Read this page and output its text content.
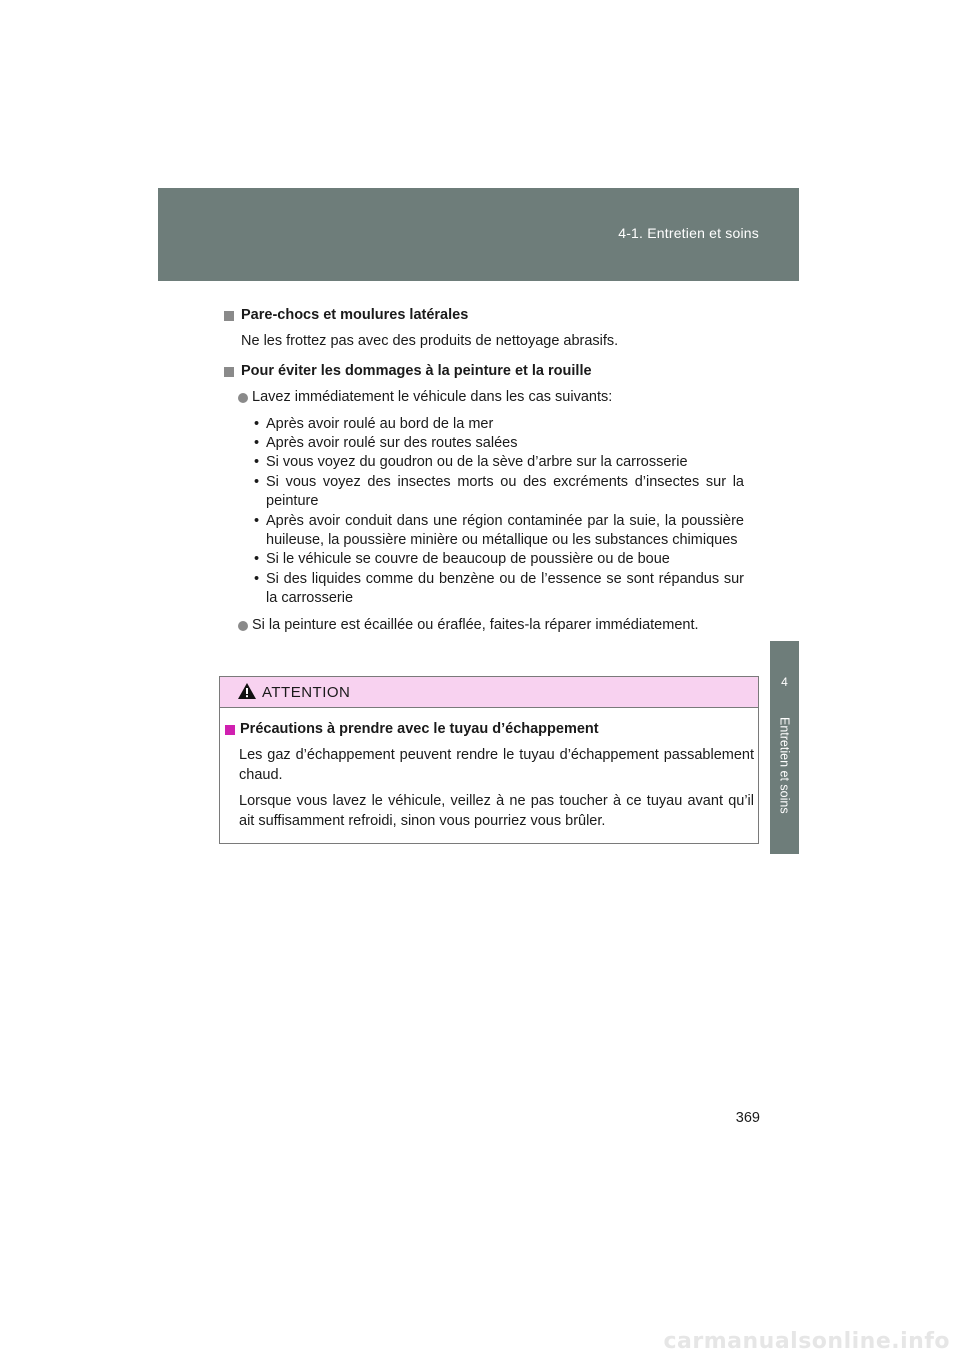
4-1. Entretien et soins
4
Entretien et soins
Pare-chocs et moulures latérales
Ne les frottez pas avec des produits de nettoyage abrasifs.
Pour éviter les dommages à la peinture et la rouille
Lavez immédiatement le véhicule dans les cas suivants:
• Après avoir roulé au bord de la mer
• Après avoir roulé sur des routes salées
• Si vous voyez du goudron ou de la sève d’arbre sur la carrosserie
• Si vous voyez des insectes morts ou des excréments d’insectes sur la peinture
• Après avoir conduit dans une région contaminée par la suie, la poussière huileuse, la poussière minière ou métallique ou les substances chimiques
• Si le véhicule se couvre de beaucoup de poussière ou de boue
• Si des liquides comme du benzène ou de l’essence se sont répandus sur la carrosserie
Si la peinture est écaillée ou éraflée, faites-la réparer immédiatement.
ATTENTION
Précautions à prendre avec le tuyau d’échappement
Les gaz d’échappement peuvent rendre le tuyau d’échappement passablement chaud.
Lorsque vous lavez le véhicule, veillez à ne pas toucher à ce tuyau avant qu’il ait suffisamment refroidi, sinon vous pourriez vous brûler.
369
carmanualsonline.info
